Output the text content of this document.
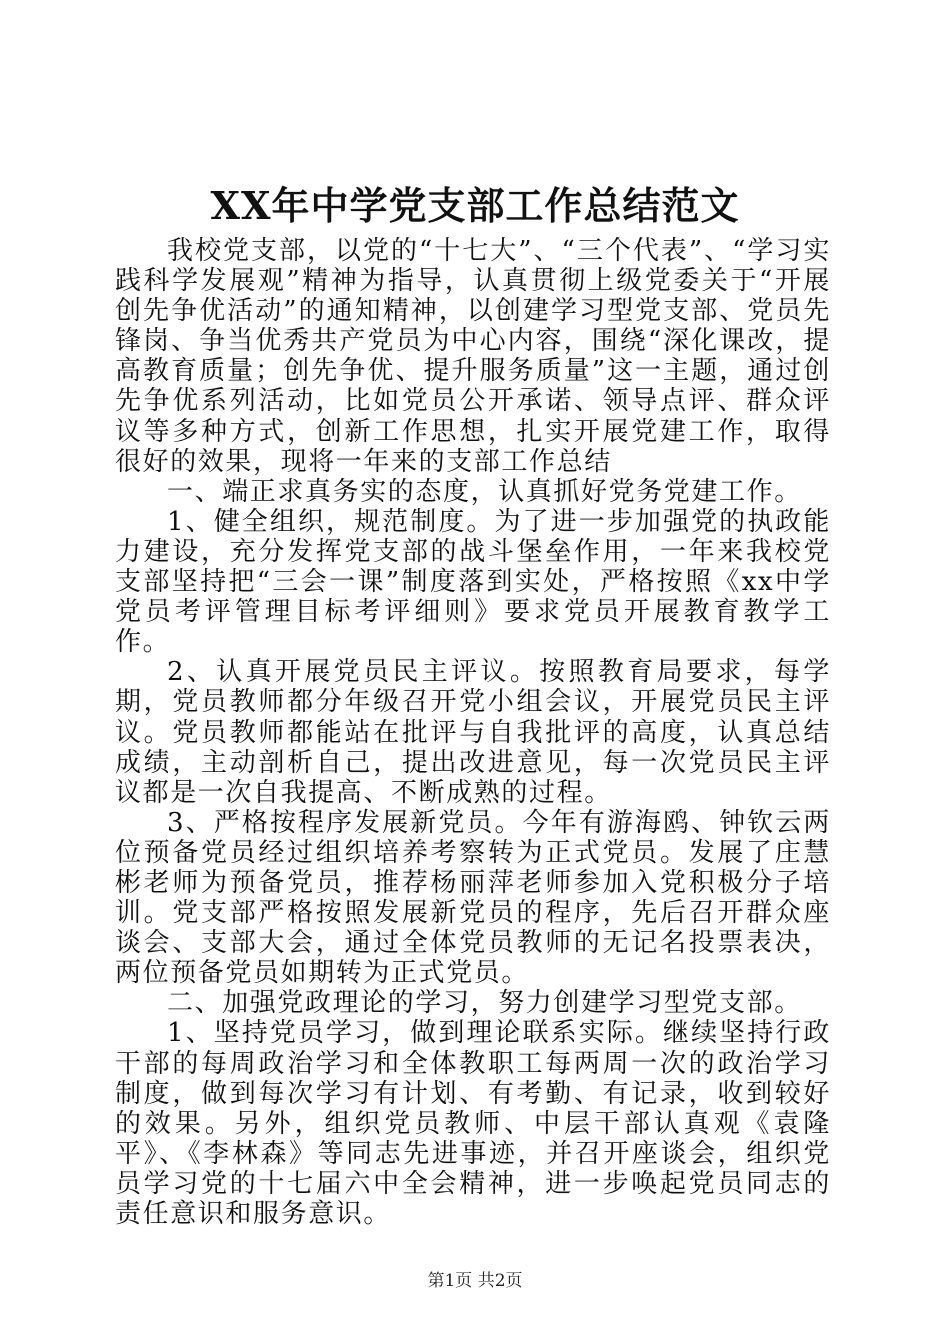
XX年中学党支部工作总结范文

我校党支部，以党的“十七大”、“三个代表”、“学习实践科学发展观”精神为指导，认真贯彻上级党委关于“开展创先争优活动”的通知精神，以创建学习型党支部、党员先锋岗、争当优秀共产党员为中心内容，围绕“深化课改，提高教育质量；创先争优、提升服务质量”这一主题，通过创先争优系列活动，比如党员公开承诺、领导点评、群众评议等多种方式，创新工作思想，扎实开展党建工作，取得很好的效果，现将一年来的支部工作总结

一、端正求真务实的态度，认真抓好党务党建工作。

1、健全组织，规范制度。为了进一步加强党的执政能力建设，充分发挥党支部的战斗堡垒作用，一年来我校党支部坚持把“三会一课”制度落到实处，严格按照《xx中学党员考评管理目标考评细则》要求党员开展教育教学工作。

2、认真开展党员民主评议。按照教育局要求，每学期，党员教师都分年级召开党小组会议，开展党员民主评议。党员教师都能站在批评与自我批评的高度，认真总结成绩，主动剖析自己，提出改进意见，每一次党员民主评议都是一次自我提高、不断成熟的过程。

3、严格按程序发展新党员。今年有游海鸥、钟钦云两位预备党员经过组织培养考察转为正式党员。发展了庄慧彬老师为预备党员，推荐杨丽萍老师参加入党积极分子培训。党支部严格按照发展新党员的程序，先后召开群众座谈会、支部大会，通过全体党员教师的无记名投票表决，两位预备党员如期转为正式党员。

二、加强党政理论的学习，努力创建学习型党支部。

1、坚持党员学习，做到理论联系实际。继续坚持行政干部的每周政治学习和全体教职工每两周一次的政治学习制度，做到每次学习有计划、有考勤、有记录，收到较好的效果。另外，组织党员教师、中层干部认真观《袁隆平》、《李林森》等同志先进事迹，并召开座谈会，组织党员学习党的十七届六中全会精神，进一步唤起党员同志的责任意识和服务意识。

第1页 共2页
